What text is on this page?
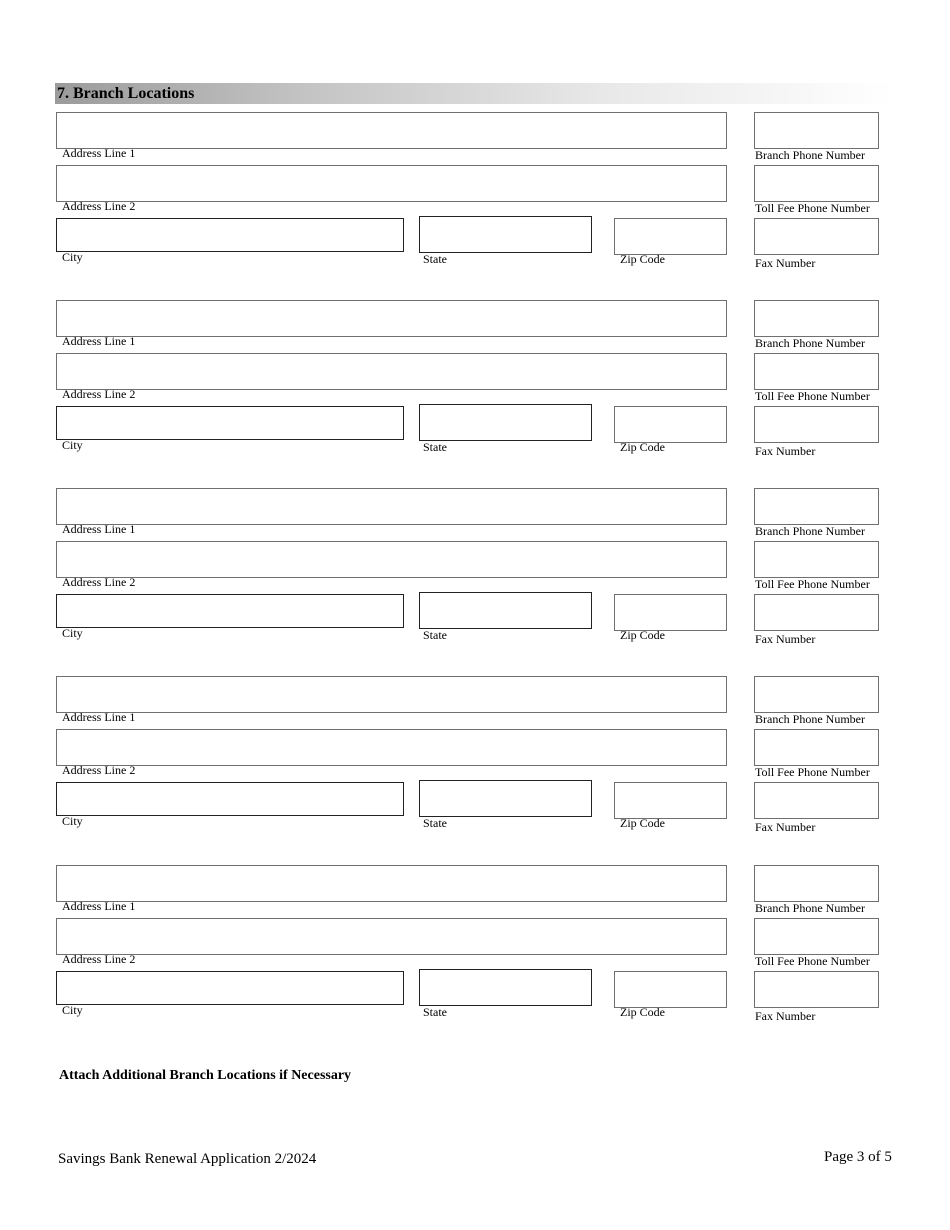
7. Branch Locations
Address Line 1	Branch Phone Number
Address Line 2	Toll Fee Phone Number
City	State	Zip Code	Fax Number
Address Line 1	Branch Phone Number
Address Line 2	Toll Fee Phone Number
City	State	Zip Code	Fax Number
Address Line 1	Branch Phone Number
Address Line 2	Toll Fee Phone Number
City	State	Zip Code	Fax Number
Address Line 1	Branch Phone Number
Address Line 2	Toll Fee Phone Number
City	State	Zip Code	Fax Number
Address Line 1	Branch Phone Number
Address Line 2	Toll Fee Phone Number
City	State	Zip Code	Fax Number
Attach Additional Branch Locations if Necessary
Savings Bank Renewal Application 2/2024	Page 3 of 5
